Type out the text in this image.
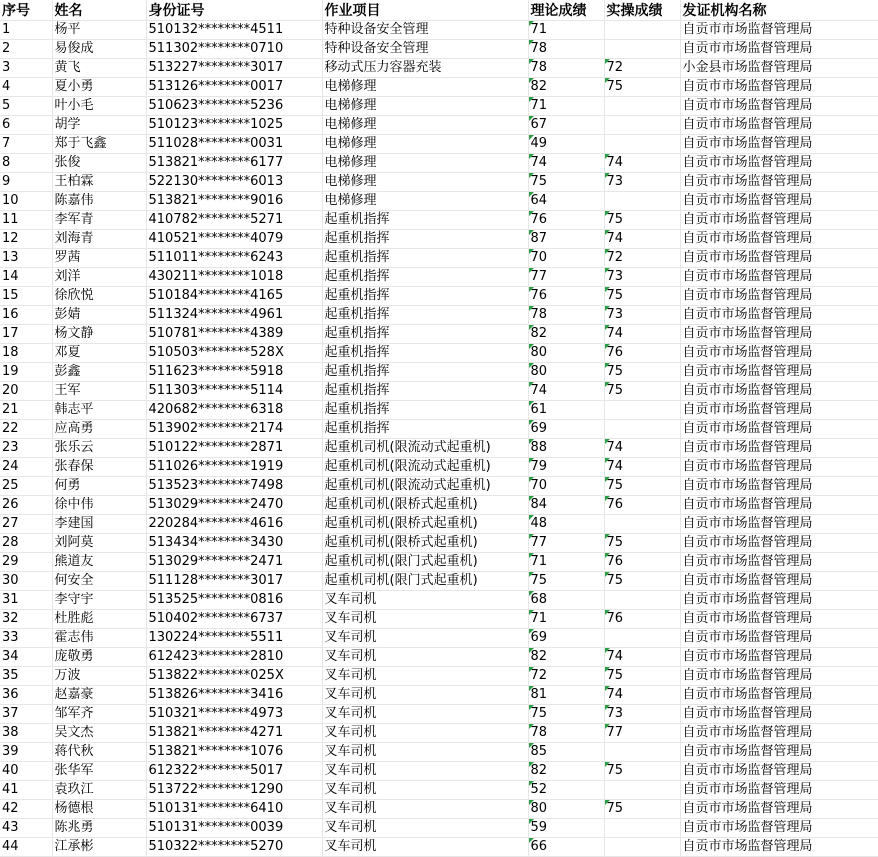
序号	姓名	身份证号	作业项目	理论成绩	实操成绩	发证机构名称
1	杨平	510132********4511	特种设备安全管理	71		自贡市市场监督管理局
2	易俊成	511302********0710	特种设备安全管理	78		自贡市市场监督管理局
3	黄飞	513227********3017	移动式压力容器充装	78	72	小金县市场监督管理局
4	夏小勇	513126********0017	电梯修理	82	75	自贡市市场监督管理局
5	叶小毛	510623********5236	电梯修理	71		自贡市市场监督管理局
6	胡学	510123********1025	电梯修理	67		自贡市市场监督管理局
7	郑于飞鑫	511028********0031	电梯修理	49		自贡市市场监督管理局
8	张俊	513821********6177	电梯修理	74	74	自贡市市场监督管理局
9	王柏霖	522130********6013	电梯修理	75	73	自贡市市场监督管理局
10	陈嘉伟	513821********9016	电梯修理	64		自贡市市场监督管理局
11	李军青	410782********5271	起重机指挥	76	75	自贡市市场监督管理局
12	刘海青	410521********4079	起重机指挥	87	74	自贡市市场监督管理局
13	罗茜	511011********6243	起重机指挥	70	72	自贡市市场监督管理局
14	刘洋	430211********1018	起重机指挥	77	73	自贡市市场监督管理局
15	徐欣悦	510184********4165	起重机指挥	76	75	自贡市市场监督管理局
16	彭婧	511324********4961	起重机指挥	78	73	自贡市市场监督管理局
17	杨文静	510781********4389	起重机指挥	82	74	自贡市市场监督管理局
18	邓夏	510503********528X	起重机指挥	80	76	自贡市市场监督管理局
19	彭鑫	511623********5918	起重机指挥	80	75	自贡市市场监督管理局
20	王军	511303********5114	起重机指挥	74	75	自贡市市场监督管理局
21	韩志平	420682********6318	起重机指挥	61		自贡市市场监督管理局
22	应高勇	513902********2174	起重机指挥	69		自贡市市场监督管理局
23	张乐云	510122********2871	起重机司机(限流动式起重机)	88	74	自贡市市场监督管理局
24	张春保	511026********1919	起重机司机(限流动式起重机)	79	74	自贡市市场监督管理局
25	何勇	513523********7498	起重机司机(限流动式起重机)	70	75	自贡市市场监督管理局
26	徐中伟	513029********2470	起重机司机(限桥式起重机)	84	76	自贡市市场监督管理局
27	李建国	220284********4616	起重机司机(限桥式起重机)	48		自贡市市场监督管理局
28	刘阿莫	513434********3430	起重机司机(限桥式起重机)	77	75	自贡市市场监督管理局
29	熊道友	513029********2471	起重机司机(限门式起重机)	71	76	自贡市市场监督管理局
30	何安全	511128********3017	起重机司机(限门式起重机)	75	75	自贡市市场监督管理局
31	李守宇	513525********0816	叉车司机	68		自贡市市场监督管理局
32	杜胜彪	510402********6737	叉车司机	71	76	自贡市市场监督管理局
33	霍志伟	130224********5511	叉车司机	69		自贡市市场监督管理局
34	庞敬勇	612423********2810	叉车司机	82	74	自贡市市场监督管理局
35	万波	513822********025X	叉车司机	72	75	自贡市市场监督管理局
36	赵嘉豪	513826********3416	叉车司机	81	74	自贡市市场监督管理局
37	邹军齐	510321********4973	叉车司机	75	73	自贡市市场监督管理局
38	吴文杰	513821********4271	叉车司机	78	77	自贡市市场监督管理局
39	蒋代秋	513821********1076	叉车司机	85		自贡市市场监督管理局
40	张华军	612322********5017	叉车司机	82	75	自贡市市场监督管理局
41	袁玖江	513722********1290	叉车司机	52		自贡市市场监督管理局
42	杨德根	510131********6410	叉车司机	80	75	自贡市市场监督管理局
43	陈兆勇	510131********0039	叉车司机	59		自贡市市场监督管理局
44	江承彬	510322********5270	叉车司机	66		自贡市市场监督管理局
